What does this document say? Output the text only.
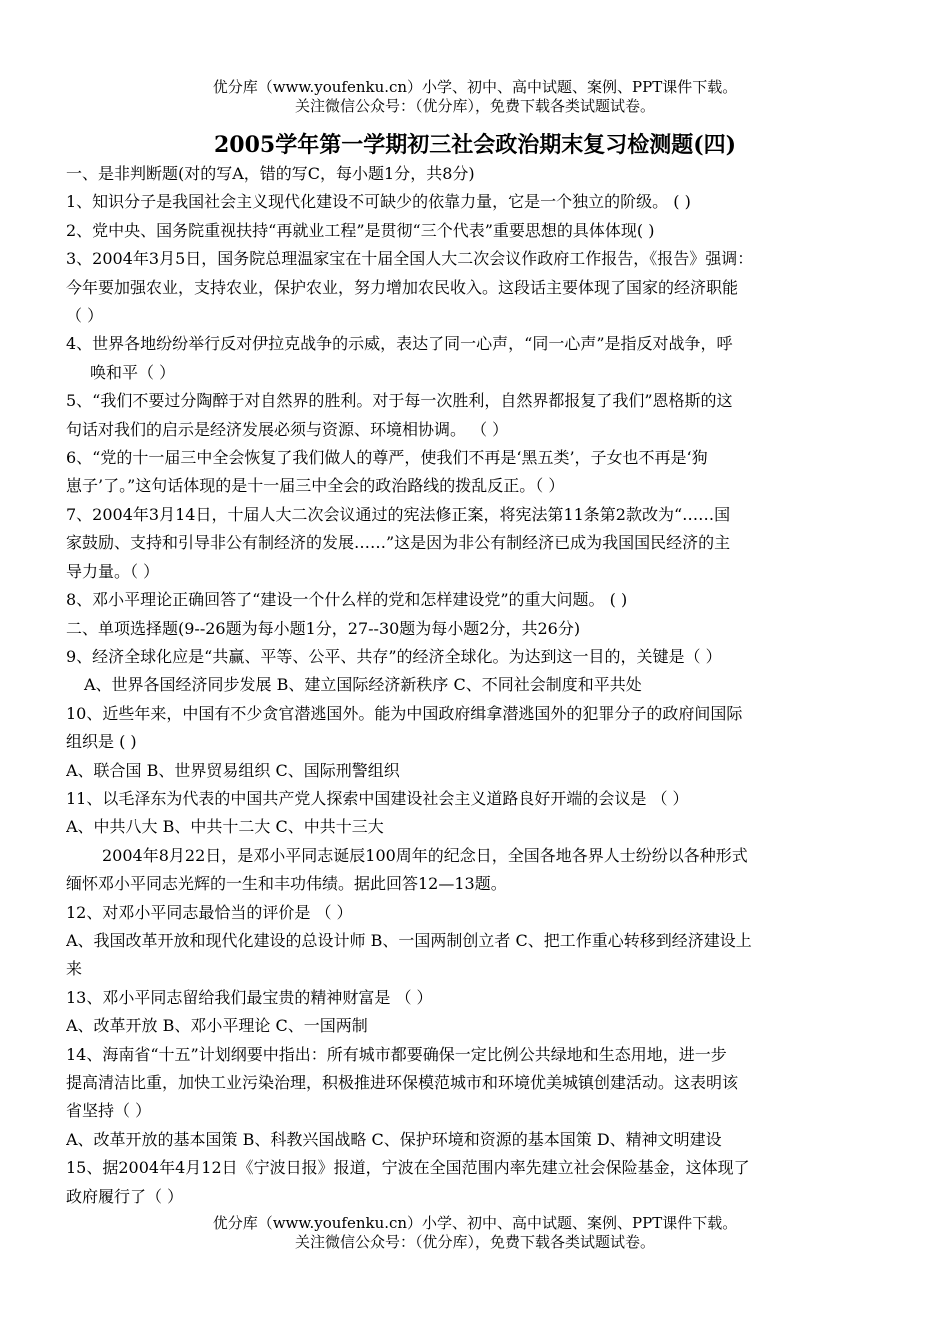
优分库（www.youfenku.cn）小学、初中、高中试题、案例、PPT课件下载。
关注微信公众号：（优分库），免费下载各类试题试卷。
2005学年第一学期初三社会政治期末复习检测题(四)

一、是非判断题(对的写A，错的写C，每小题1分，共8分)

1、知识分子是我国社会主义现代化建设不可缺少的依靠力量，它是一个独立的阶级。 ( )

2、党中央、国务院重视扶持“再就业工程”是贯彻“三个代表”重要思想的具体体现( )

3、2004年3月5日，国务院总理温家宝在十届全国人大二次会议作政府工作报告，《报告》强调：

今年要加强农业，支持农业，保护农业，努力增加农民收入。这段话主要体现了国家的经济职能

（ ）

4、世界各地纷纷举行反对伊拉克战争的示威，表达了同一心声，“同一心声”是指反对战争，呼

唤和平（ ）

5、“我们不要过分陶醉于对自然界的胜利。对于每一次胜利，自然界都报复了我们”恩格斯的这

句话对我们的启示是经济发展必须与资源、环境相协调。 （ ）

6、“党的十一届三中全会恢复了我们做人的尊严，使我们不再是‘黑五类’，子女也不再是‘狗

崽子’了。”这句话体现的是十一届三中全会的政治路线的拨乱反正。（ ）

7、2004年3月14日，十届人大二次会议通过的宪法修正案，将宪法第11条第2款改为“……国

家鼓励、支持和引导非公有制经济的发展……”这是因为非公有制经济已成为我国国民经济的主

导力量。（ ）

8、邓小平理论正确回答了“建设一个什么样的党和怎样建设党”的重大问题。 ( )

二、单项选择题(9--26题为每小题1分，27--30题为每小题2分，共26分)

9、经济全球化应是“共赢、平等、公平、共存”的经济全球化。为达到这一目的，关键是（ ）

A、世界各国经济同步发展 B、建立国际经济新秩序 C、不同社会制度和平共处

10、近些年来，中国有不少贪官潜逃国外。能为中国政府缉拿潜逃国外的犯罪分子的政府间国际

组织是 ( )

A、联合国 B、世界贸易组织 C、国际刑警组织

11、以毛泽东为代表的中国共产党人探索中国建设社会主义道路良好开端的会议是 （ ）

A、中共八大 B、中共十二大 C、中共十三大

2004年8月22日，是邓小平同志诞辰100周年的纪念日，全国各地各界人士纷纷以各种形式

缅怀邓小平同志光辉的一生和丰功伟绩。据此回答12—13题。

12、对邓小平同志最恰当的评价是 （ ）

A、我国改革开放和现代化建设的总设计师 B、一国两制创立者 C、把工作重心转移到经济建设上

来

13、邓小平同志留给我们最宝贵的精神财富是 （ ）

A、改革开放 B、邓小平理论 C、一国两制

14、海南省“十五”计划纲要中指出：所有城市都要确保一定比例公共绿地和生态用地，进一步

提高清洁比重，加快工业污染治理，积极推进环保模范城市和环境优美城镇创建活动。这表明该

省坚持（ ）

A、改革开放的基本国策 B、科教兴国战略 C、保护环境和资源的基本国策 D、精神文明建设

15、据2004年4月12日《宁波日报》报道，宁波在全国范围内率先建立社会保险基金，这体现了

政府履行了（ ）

优分库（www.youfenku.cn）小学、初中、高中试题、案例、PPT课件下载。
关注微信公众号：（优分库），免费下载各类试题试卷。
